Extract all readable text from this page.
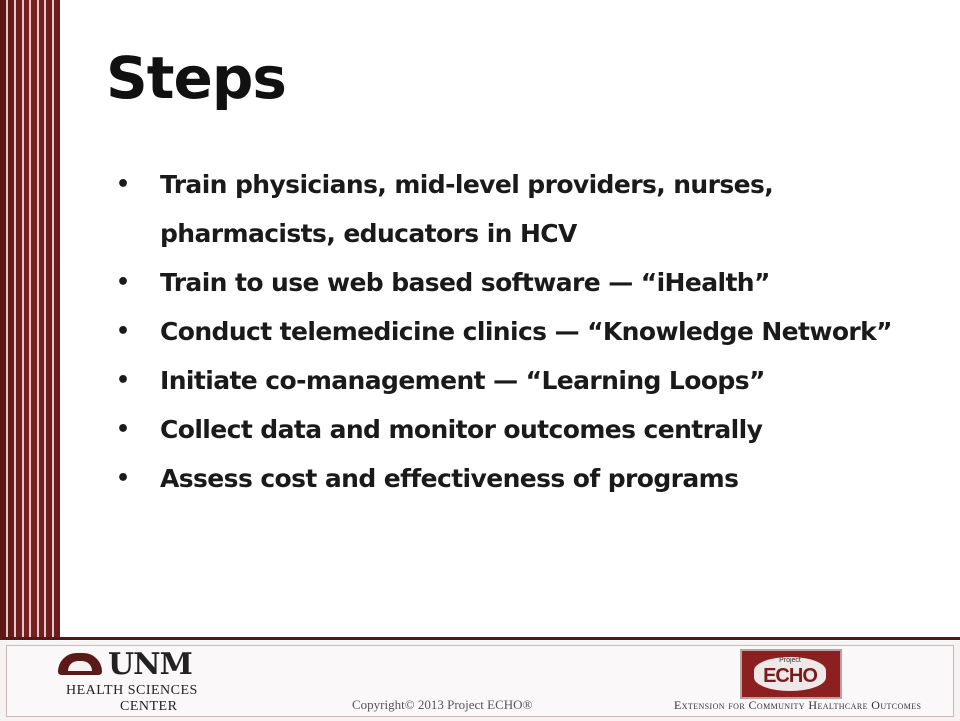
Steps
• Train physicians, mid-level providers, nurses, pharmacists, educators in HCV
• Train to use web based software — “iHealth”
• Conduct telemedicine clinics — “Knowledge Network”
• Initiate co-management — “Learning Loops”
• Collect data and monitor outcomes centrally
• Assess cost and effectiveness of programs
UNM
HEALTH SCIENCES
CENTER	Copyright© 2013 Project ECHO®
Project
ECHO
®
Extension for Community Healthcare Outcomes
